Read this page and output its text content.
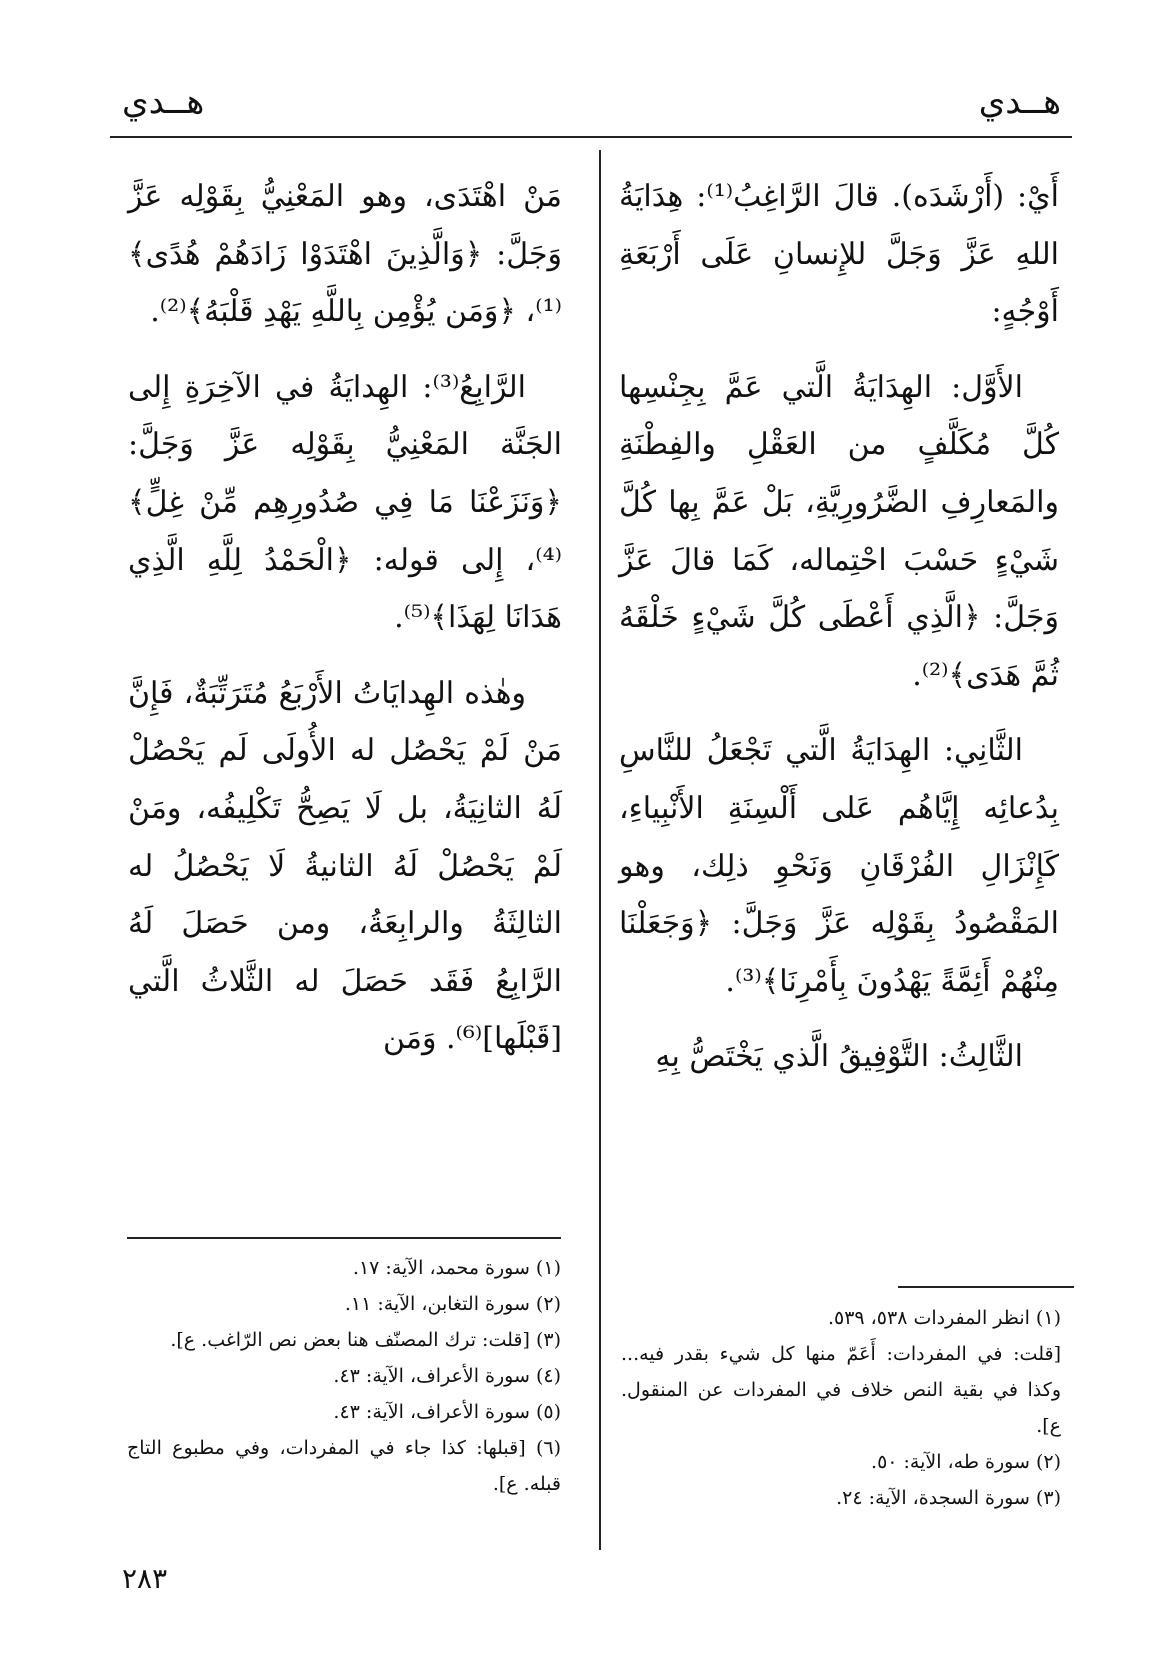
هــدي
هــدي

أَيْ: (أَرْشَدَه). قالَ الرَّاغِبُ⁽¹⁾: هِدَايَةُ اللهِ عَزَّ وَجَلَّ للإِنسانِ عَلَى أَرْبَعَةِ أَوْجُهٍ:

الأَوَّل: الهِدَايَةُ الَّتي عَمَّ بِجِنْسِها كُلَّ مُكَلَّفٍ من العَقْلِ والفِطْنَةِ والمَعارِفِ الضَّرُورِيَّةِ، بَلْ عَمَّ بِها كُلَّ شَيْءٍ حَسْبَ احْتِماله، كَمَا قالَ عَزَّ وَجَلَّ: ﴿الَّذِي أَعْطَى كُلَّ شَيْءٍ خَلْقَهُ ثُمَّ هَدَى﴾⁽²⁾.

الثَّانِي: الهِدَايَةُ الَّتي تَجْعَلُ للنَّاسِ بِدُعائِه إِيَّاهُم عَلى أَلْسِنَةِ الأَنْبِياءِ، كَإِنْزَالِ الفُرْقَانِ وَنَحْوِ ذلِك، وهو المَقْصُودُ بِقَوْلِه عَزَّ وَجَلَّ: ﴿وَجَعَلْنَا مِنْهُمْ أَئِمَّةً يَهْدُونَ بِأَمْرِنَا﴾⁽³⁾.

الثَّالِثُ: التَّوْفِيقُ الَّذي يَخْتَصُّ بِهِ

مَنْ اهْتَدَى، وهو المَعْنِيُّ بِقَوْلِه عَزَّ وَجَلَّ: ﴿وَالَّذِينَ اهْتَدَوْا زَادَهُمْ هُدًى﴾⁽¹⁾، ﴿وَمَن يُؤْمِن بِاللَّهِ يَهْدِ قَلْبَهُ﴾⁽²⁾.

الرَّابِعُ⁽³⁾: الهِدايَةُ في الآخِرَةِ إِلى الجَنَّة المَعْنِيُّ بِقَوْلِه عَزَّ وَجَلَّ: ﴿وَنَزَعْنَا مَا فِي صُدُورِهِم مِّنْ غِلٍّ﴾⁽⁴⁾، إِلى قوله: ﴿الْحَمْدُ لِلَّهِ الَّذِي هَدَانَا لِهَذَا﴾⁽⁵⁾.

وهٰذه الهِدايَاتُ الأَرْبَعُ مُتَرَتِّبَةٌ، فَإِنَّ مَنْ لَمْ يَحْصُل له الأُولَى لَم يَحْصُلْ لَهُ الثانِيَةُ، بل لَا يَصِحُّ تَكْلِيفُه، ومَنْ لَمْ يَحْصُلْ لَهُ الثانيةُ لَا يَحْصُلُ له الثالِثَةُ والرابِعَةُ، ومن حَصَلَ لَهُ الرَّابِعُ فَقَد حَصَلَ له الثَّلاثُ الَّتي [قَبْلَها]⁽⁶⁾. وَمَن

(١) سورة محمد، الآية: ١٧.

(٢) سورة التغابن، الآية: ١١.

(٣) [قلت: ترك المصنّف هنا بعض نص الرّاغب. ع].

(٤) سورة الأعراف، الآية: ٤٣.

(٥) سورة الأعراف، الآية: ٤٣.

(٦) [قبلها: كذا جاء في المفردات، وفي مطبوع التاج قبله. ع].

(١) انظر المفردات ٥٣٨، ٥٣٩.

[قلت: في المفردات: أَعَمّ منها كل شيء بقدر فيه... وكذا في بقية النص خلاف في المفردات عن المنقول. ع].

(٢) سورة طه، الآية: ٥٠.

(٣) سورة السجدة، الآية: ٢٤.

٢٨٣
